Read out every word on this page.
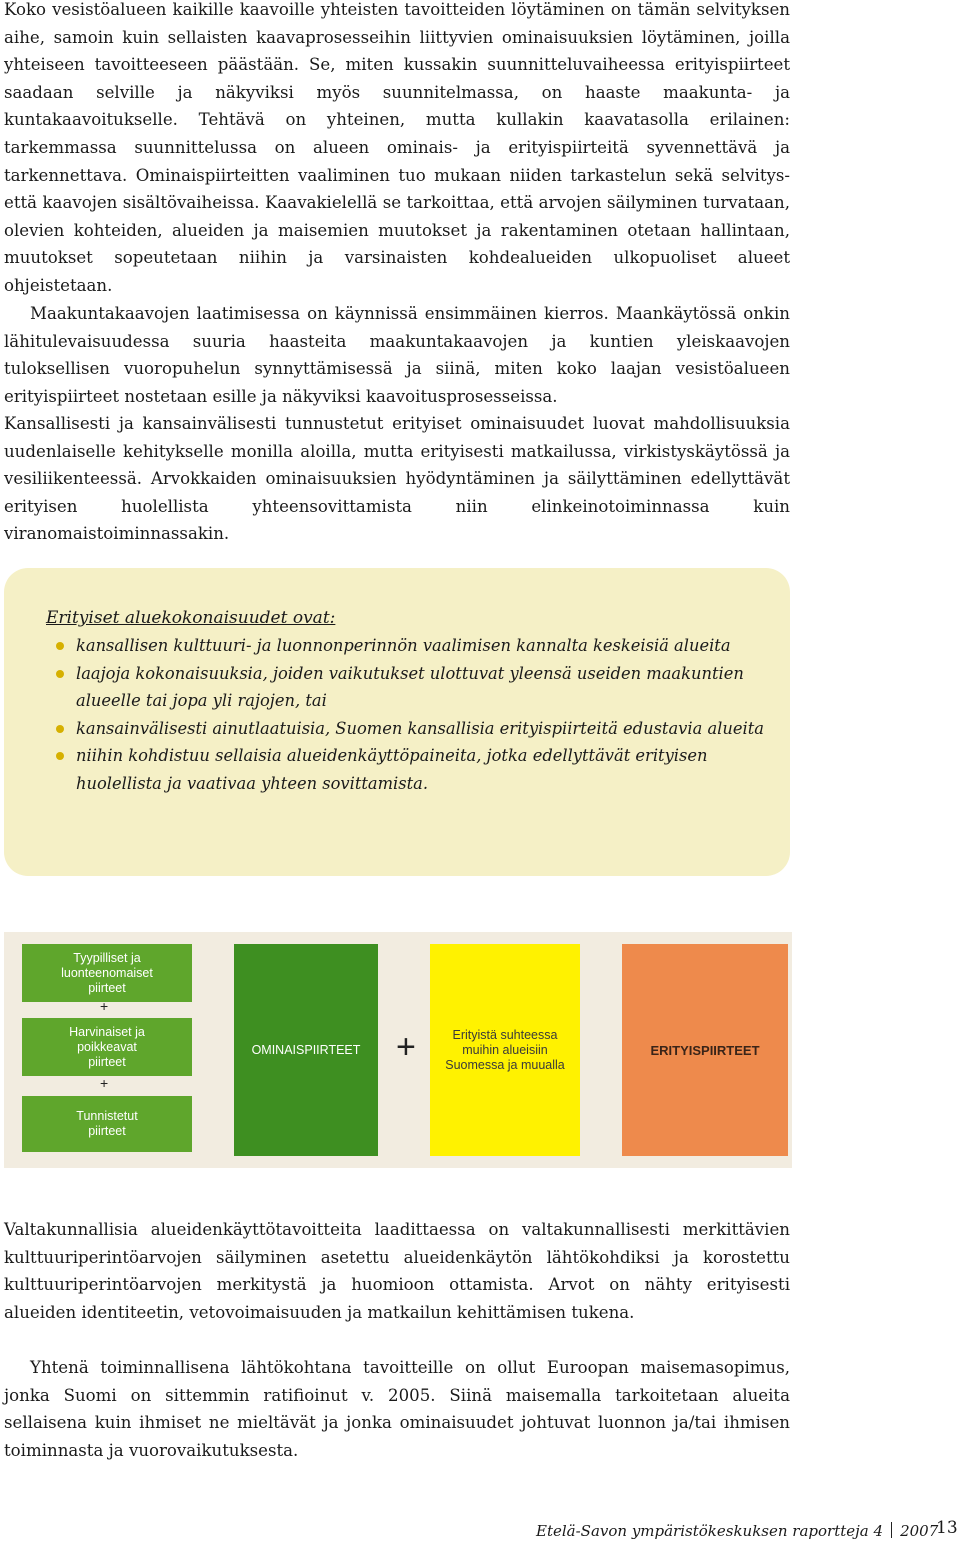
Koko vesistöalueen kaikille kaavoille yhteisten tavoitteiden löytäminen on tämän selvityksen aihe, samoin kuin sellaisten kaavaprosesseihin liittyvien ominaisuuksien löytäminen, joilla yhteiseen tavoitteeseen päästään. Se, miten kussakin suunnitteluvaiheessa erityispiirteet saadaan selville ja näkyviksi myös suunnitelmassa, on haaste maakunta- ja kuntakaavoitukselle. Tehtävä on yhteinen, mutta kullakin kaavatasolla erilainen: tarkemmassa suunnittelussa on alueen ominais- ja erityispiirteitä syvennettävä ja tarkennettava. Ominaispiirteitten vaaliminen tuo mukaan niiden tarkastelun sekä selvitys- että kaavojen sisältövaiheissa. Kaavakielellä se tarkoittaa, että arvojen säilyminen turvataan, olevien kohteiden, alueiden ja maisemien muutokset ja rakentaminen otetaan hallintaan, muutokset sopeutetaan niihin ja varsinaisten kohdealueiden ulkopuoliset alueet ohjeistetaan.

Maakuntakaavojen laatimisessa on käynnissä ensimmäinen kierros. Maankäytössä onkin lähitulevaisuudessa suuria haasteita maakuntakaavojen ja kuntien yleiskaavojen tuloksellisen vuoropuhelun synnyttämisessä ja siinä, miten koko laajan vesistöalueen erityispiirteet nostetaan esille ja näkyviksi kaavoitusprosesseissa.

Kansallisesti ja kansainvälisesti tunnustetut erityiset ominaisuudet luovat mahdollisuuksia uudenlaiselle kehitykselle monilla aloilla, mutta erityisesti matkailussa, virkistyskäytössä ja vesiliikenteessä. Arvokkaiden ominaisuuksien hyödyntäminen ja säilyttäminen edellyttävät erityisen huolellista yhteensovittamista niin elinkeinotoiminnassa kuin viranomaistoiminnassakin.

Erityiset aluekokonaisuudet ovat:

kansallisen kulttuuri- ja luonnonperinnön vaalimisen kannalta keskeisiä alueita
laajoja kokonaisuuksia, joiden vaikutukset ulottuvat yleensä useiden maakuntien alueelle tai jopa yli rajojen, tai
kansainvälisesti ainutlaatuisia, Suomen kansallisia erityispiirteitä edustavia alueita
niihin kohdistuu sellaisia alueidenkäyttöpaineita, jotka edellyttävät erityisen huolellista ja vaativaa yhteen sovittamista.
Tyypilliset ja
luonteenomaiset
piirteet
+
Harvinaiset ja
poikkeavat
piirteet
+
Tunnistetut
piirteet
OMINAISPIIRTEET	+	Erityistä suhteessa
muihin alueisiin
Suomessa ja muualla
ERITYISPIIRTEET

Valtakunnallisia alueidenkäyttötavoitteita laadittaessa on valtakunnallisesti merkittävien kulttuuriperintöarvojen säilyminen asetettu alueidenkäytön lähtökohdiksi ja korostettu kulttuuriperintöarvojen merkitystä ja huomioon ottamista. Arvot on nähty erityisesti alueiden identiteetin, vetovoimaisuuden ja matkailun kehittämisen tukena.

Yhtenä toiminnallisena lähtökohtana tavoitteille on ollut Euroopan maisemasopimus, jonka Suomi on sittemmin ratifioinut v. 2005. Siinä maisemalla tarkoitetaan alueita sellaisena kuin ihmiset ne mieltävät ja jonka ominaisuudet johtuvat luonnon ja/tai ihmisen toiminnasta ja vuorovaikutuksesta.

Etelä-Savon ympäristökeskuksen raportteja 4 2007
13
